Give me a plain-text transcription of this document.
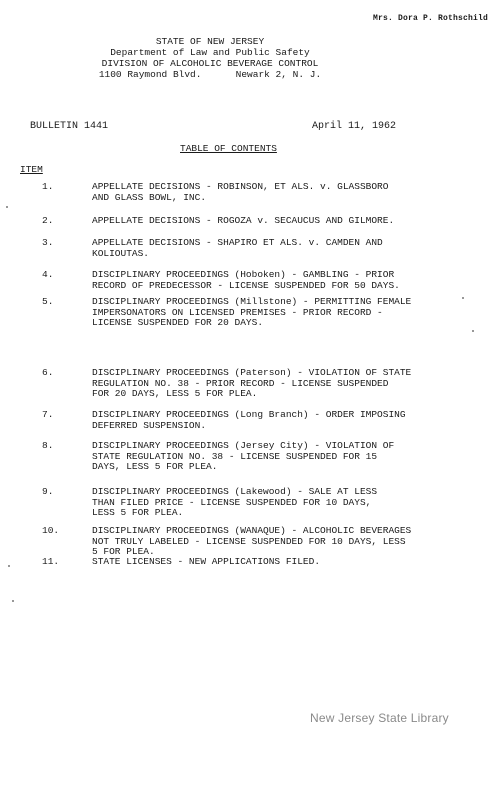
Mrs. Dora P. Rothschild
STATE OF NEW JERSEY
Department of Law and Public Safety
DIVISION OF ALCOHOLIC BEVERAGE CONTROL
1100 Raymond Blvd.      Newark 2, N. J.
BULLETIN 1441	April 11, 1962
TABLE OF CONTENTS
ITEM
1.	APPELLATE DECISIONS - ROBINSON, ET ALS. v. GLASSBORO
AND GLASS BOWL, INC.
2.	APPELLATE DECISIONS - ROGOZA v. SECAUCUS AND GILMORE.
3.	APPELLATE DECISIONS - SHAPIRO ET ALS. v. CAMDEN AND
KOLIOUTAS.
4.	DISCIPLINARY PROCEEDINGS (Hoboken) - GAMBLING - PRIOR
RECORD OF PREDECESSOR - LICENSE SUSPENDED FOR 50 DAYS.
5.	DISCIPLINARY PROCEEDINGS (Millstone) - PERMITTING FEMALE
IMPERSONATORS ON LICENSED PREMISES - PRIOR RECORD -
LICENSE SUSPENDED FOR 20 DAYS.
6.	DISCIPLINARY PROCEEDINGS (Paterson) - VIOLATION OF STATE
REGULATION NO. 38 - PRIOR RECORD - LICENSE SUSPENDED
FOR 20 DAYS, LESS 5 FOR PLEA.
7.	DISCIPLINARY PROCEEDINGS (Long Branch) - ORDER IMPOSING
DEFERRED SUSPENSION.
8.	DISCIPLINARY PROCEEDINGS (Jersey City) - VIOLATION OF
STATE REGULATION NO. 38 - LICENSE SUSPENDED FOR 15
DAYS, LESS 5 FOR PLEA.
9.	DISCIPLINARY PROCEEDINGS (Lakewood) - SALE AT LESS
THAN FILED PRICE - LICENSE SUSPENDED FOR 10 DAYS,
LESS 5 FOR PLEA.
10.	DISCIPLINARY PROCEEDINGS (WANAQUE) - ALCOHOLIC BEVERAGES
NOT TRULY LABELED - LICENSE SUSPENDED FOR 10 DAYS, LESS
5 FOR PLEA.
11.	STATE LICENSES - NEW APPLICATIONS FILED.
New Jersey State Library
